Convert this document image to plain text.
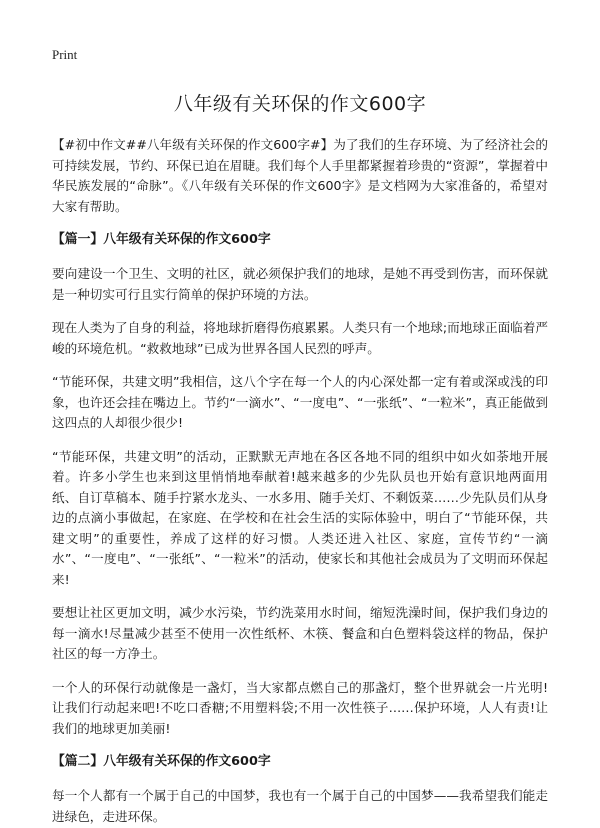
Print
八年级有关环保的作文600字

【#初中作文##八年级有关环保的作文600字#】为了我们的生存环境、为了经济社会的可持续发展，节约、环保已迫在眉睫。我们每个人手里都紧握着珍贵的“资源”，掌握着中华民族发展的“命脉”。《八年级有关环保的作文600字》是文档网为大家准备的，希望对大家有帮助。

【篇一】八年级有关环保的作文600字

要向建设一个卫生、文明的社区，就必须保护我们的地球，是她不再受到伤害，而环保就是一种切实可行且实行简单的保护环境的方法。

现在人类为了自身的利益，将地球折磨得伤痕累累。人类只有一个地球;而地球正面临着严峻的环境危机。“救救地球”已成为世界各国人民烈的呼声。

“节能环保，共建文明”我相信，这八个字在每一个人的内心深处都一定有着或深或浅的印象，也许还会挂在嘴边上。节约“一滴水”、“一度电”、“一张纸”、“一粒米”，真正能做到这四点的人却很少很少!

“节能环保，共建文明”的活动，正默默无声地在各区各地不同的组织中如火如荼地开展着。许多小学生也来到这里悄悄地奉献着!越来越多的少先队员也开始有意识地两面用纸、自订草稿本、随手拧紧水龙头、一水多用、随手关灯、不剩饭菜……少先队员们从身边的点滴小事做起，在家庭、在学校和在社会生活的实际体验中，明白了“节能环保，共建文明”的重要性，养成了这样的好习惯。人类还进入社区、家庭，宣传节约“一滴水”、“一度电”、“一张纸”、“一粒米”的活动，使家长和其他社会成员为了文明而环保起来!

要想让社区更加文明，减少水污染，节约洗菜用水时间，缩短洗澡时间，保护我们身边的每一滴水!尽量减少甚至不使用一次性纸杯、木筷、餐盒和白色塑料袋这样的物品，保护社区的每一方净土。

一个人的环保行动就像是一盏灯，当大家都点燃自己的那盏灯，整个世界就会一片光明!让我们行动起来吧!不吃口香糖;不用塑料袋;不用一次性筷子……保护环境，人人有责!让我们的地球更加美丽!

【篇二】八年级有关环保的作文600字

每一个人都有一个属于自己的中国梦，我也有一个属于自己的中国梦——我希望我们能走进绿色，走进环保。
